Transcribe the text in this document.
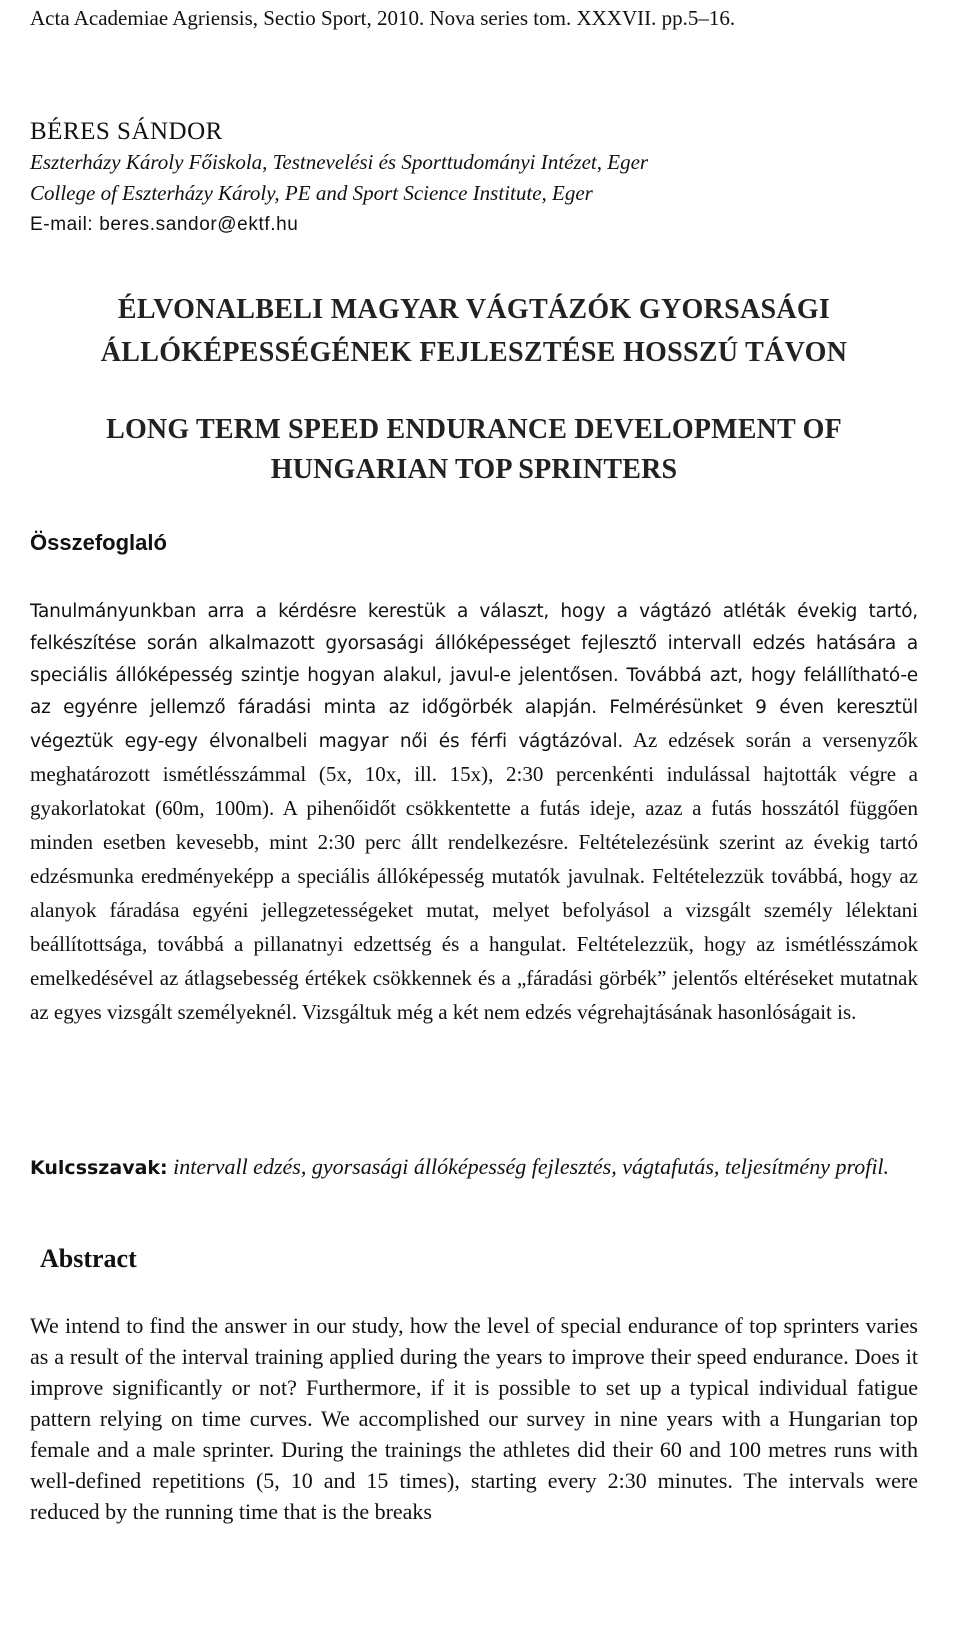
Acta Academiae Agriensis, Sectio Sport, 2010. Nova series tom. XXXVII. pp.5–16.
BÉRES SÁNDOR
Eszterházy Károly Főiskola, Testnevelési és Sporttudományi Intézet, Eger
College of Eszterházy Károly, PE and Sport Science Institute, Eger
E-mail: beres.sandor@ektf.hu
ÉLVONALBELI MAGYAR VÁGTÁZÓK GYORSASÁGI
ÁLLÓKÉPESSÉGÉNEK FEJLESZTÉSE HOSSZÚ TÁVON
LONG TERM SPEED ENDURANCE DEVELOPMENT OF
HUNGARIAN TOP SPRINTERS
Összefoglaló

Tanulmányunkban arra a kérdésre kerestük a választ, hogy a vágtázó atléták évekig tartó, felkészítése során alkalmazott gyorsasági állóképességet fejlesztő intervall edzés hatására a speciális állóképesség szintje hogyan alakul, javul-e jelentősen. Továbbá azt, hogy felállítható-e az egyénre jellemző fáradási minta az időgörbék alapján. Felmérésünket 9 éven keresztül végeztük egy-egy élvonalbeli magyar női és férfi vágtázóval. Az edzések során a versenyzők meghatározott ismétlésszámmal (5x, 10x, ill. 15x), 2:30 percenkénti indulással hajtották végre a gyakorlatokat (60m, 100m). A pihenőidőt csökkentette a futás ideje, azaz a futás hosszától függően minden esetben kevesebb, mint 2:30 perc állt rendelkezésre. Feltételezésünk szerint az évekig tartó edzésmunka eredményeképp a speciális állóképesség mutatók javulnak. Feltételezzük továbbá, hogy az alanyok fáradása egyéni jellegzetességeket mutat, melyet befolyásol a vizsgált személy lélektani beállítottsága, továbbá a pillanatnyi edzettség és a hangulat. Feltételezzük, hogy az ismétlésszámok emelkedésével az átlagsebesség értékek csökkennek és a „fáradási görbék” jelentős eltéréseket mutatnak az egyes vizsgált személyeknél. Vizsgáltuk még a két nem edzés végrehajtásának hasonlóságait is.

Kulcsszavak: intervall edzés, gyorsasági állóképesség fejlesztés, vágtafutás, teljesítmény profil.
Abstract

We intend to find the answer in our study, how the level of special endurance of top sprinters varies as a result of the interval training applied during the years to improve their speed endurance. Does it improve significantly or not? Furthermore, if it is possible to set up a typical individual fatigue pattern relying on time curves. We accomplished our survey in nine years with a Hungarian top female and a male sprinter. During the trainings the athletes did their 60 and 100 metres runs with well-defined repetitions (5, 10 and 15 times), starting every 2:30 minutes. The intervals were reduced by the running time that is the breaks
